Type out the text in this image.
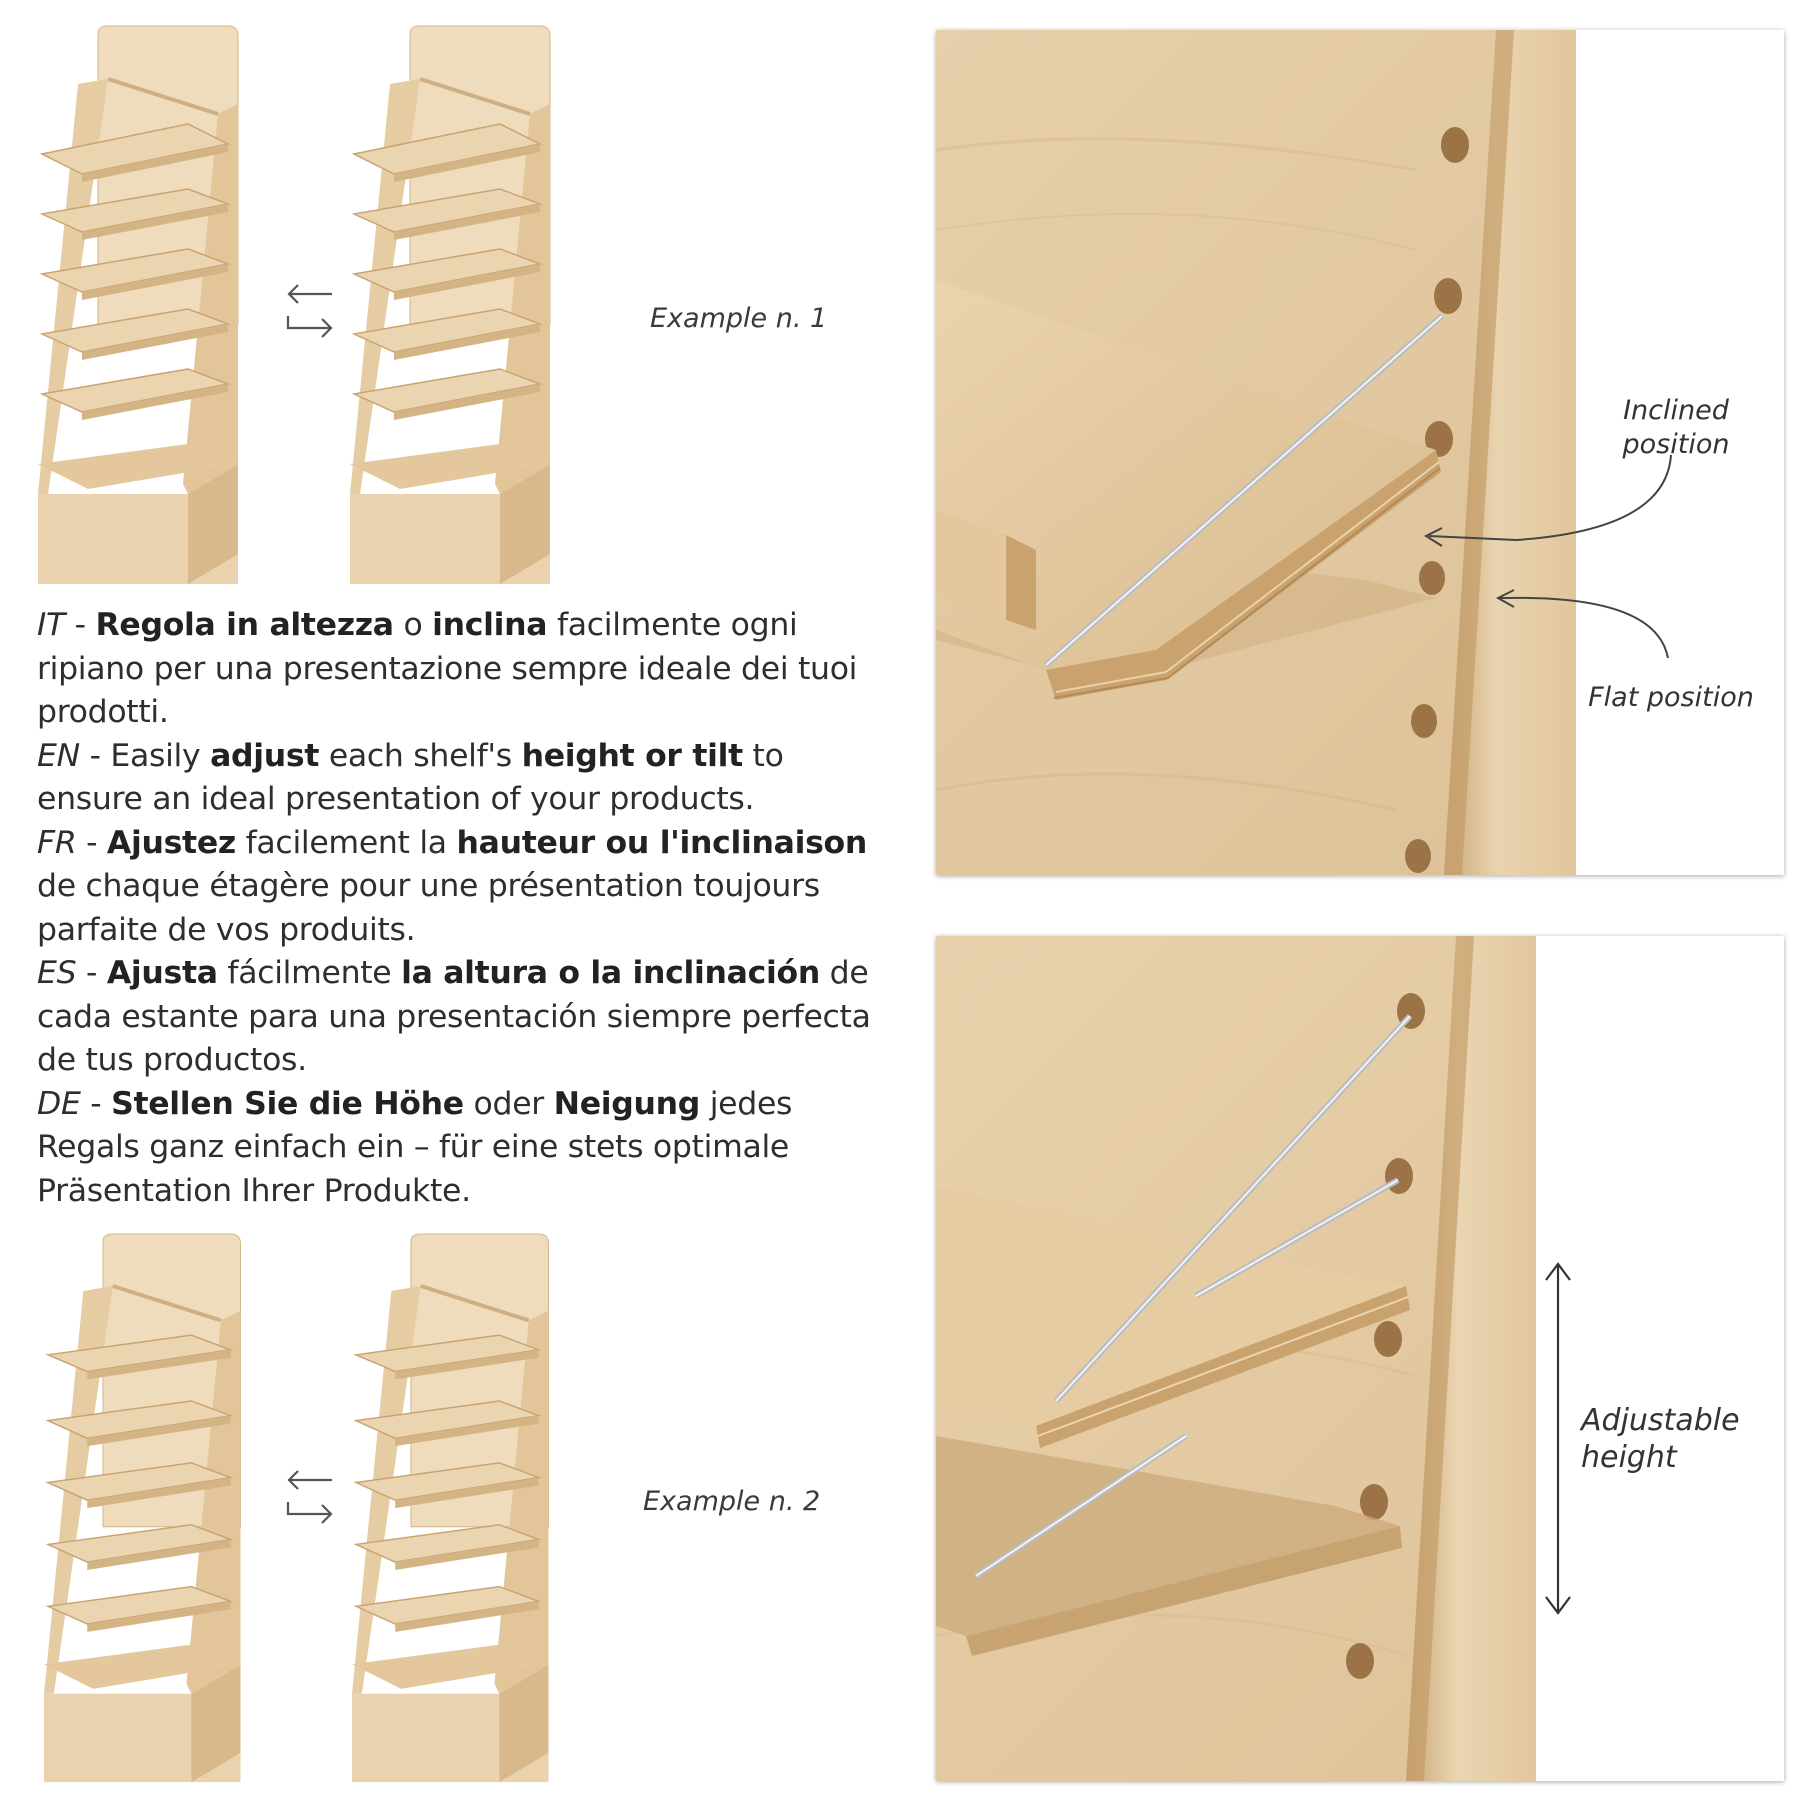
Example n. 1

IT - Regola in altezza o inclina facilmente ogni ripiano per una presentazione sempre ideale dei tuoi prodotti.

EN - Easily adjust each shelf's height or tilt to ensure an ideal presentation of your products.

FR - Ajustez facilement la hauteur ou l'inclinaison de chaque étagère pour une présentation toujours parfaite de vos produits.

ES - Ajusta fácilmente la altura o la inclinación de cada estante para una presentación siempre perfecta de tus productos.

DE - Stellen Sie die Höhe oder Neigung jedes Regals ganz einfach ein – für eine stets optimale Präsentation Ihrer Produkte.

Example n. 2
Inclined position
Flat position
Adjustable height
